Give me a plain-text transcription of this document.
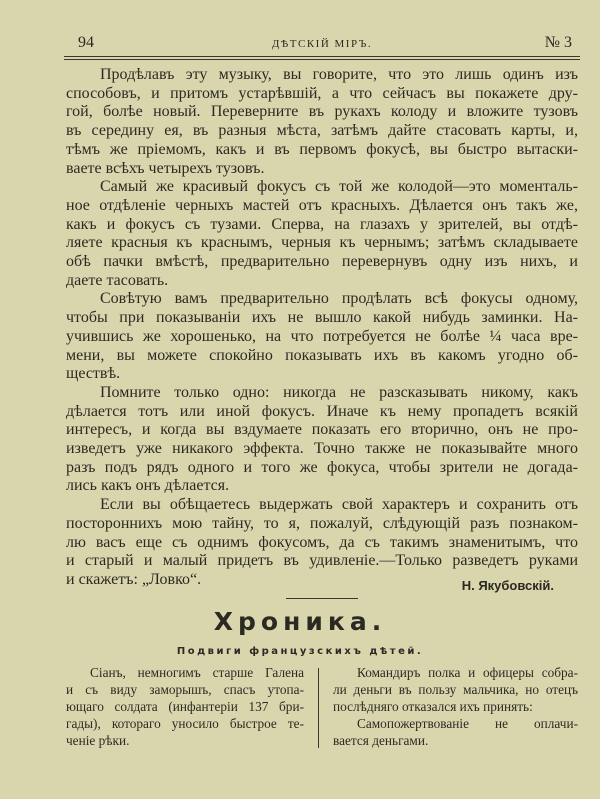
94	ДѢТСКІЙ МІРЪ.	№ 3
Продѣлавъ эту музыку, вы говорите, что это лишь одинъ изъ
способовъ, и притомъ устарѣвшій, а что сейчасъ вы покажете дру-
гой, болѣе новый. Переверните въ рукахъ колоду и вложите тузовъ
въ середину ея, въ разныя мѣста, затѣмъ дайте стасовать карты, и,
тѣмъ же пріемомъ, какъ и въ первомъ фокусѣ, вы быстро вытаски-
ваете всѣхъ четырехъ тузовъ.
Самый же красивый фокусъ съ той же колодой—это моменталь-
ное отдѣленіе черныхъ мастей отъ красныхъ. Дѣлается онъ такъ же,
какъ и фокусъ съ тузами. Сперва, на глазахъ у зрителей, вы отдѣ-
ляете красныя къ краснымъ, черныя къ чернымъ; затѣмъ складываете
обѣ пачки вмѣстѣ, предварительно перевернувъ одну изъ нихъ, и
даете тасовать.
Совѣтую вамъ предварительно продѣлать всѣ фокусы одному,
чтобы при показываніи ихъ не вышло какой нибудь заминки. На-
учившись же хорошенько, на что потребуется не болѣе ¼ часа вре-
мени, вы можете спокойно показывать ихъ въ какомъ угодно об-
ществѣ.
Помните только одно: никогда не разсказывать никому, какъ
дѣлается тотъ или иной фокусъ. Иначе къ нему пропадетъ всякій
интересъ, и когда вы вздумаете показать его вторично, онъ не про-
изведетъ уже никакого эффекта. Точно также не показывайте много
разъ подъ рядъ одного и того же фокуса, чтобы зрители не догада-
лись какъ онъ дѣлается.
Если вы обѣщаетесь выдержать свой характеръ и сохранить отъ
постороннихъ мою тайну, то я, пожалуй, слѣдующій разъ познаком-
лю васъ еще съ однимъ фокусомъ, да съ такимъ знаменитымъ, что
и старый и малый придетъ въ удивленіе.—Только разведетъ руками
и скажетъ: „Ловко“.	Н. Якубовскій.
Хроника.
Подвиги французскихъ дѣтей.
Сіанъ, немногимъ старше Галена
и съ виду заморышъ, спасъ утопа-
ющаго солдата (инфантеріи 137 бри-
гады), котораго уносило быстрое те-
ченіе рѣки.
Командиръ полка и офицеры собра-
ли деньги въ пользу мальчика, но отецъ
послѣдняго отказался ихъ принять:
Самопожертвованіе не оплачи-
вается деньгами.
